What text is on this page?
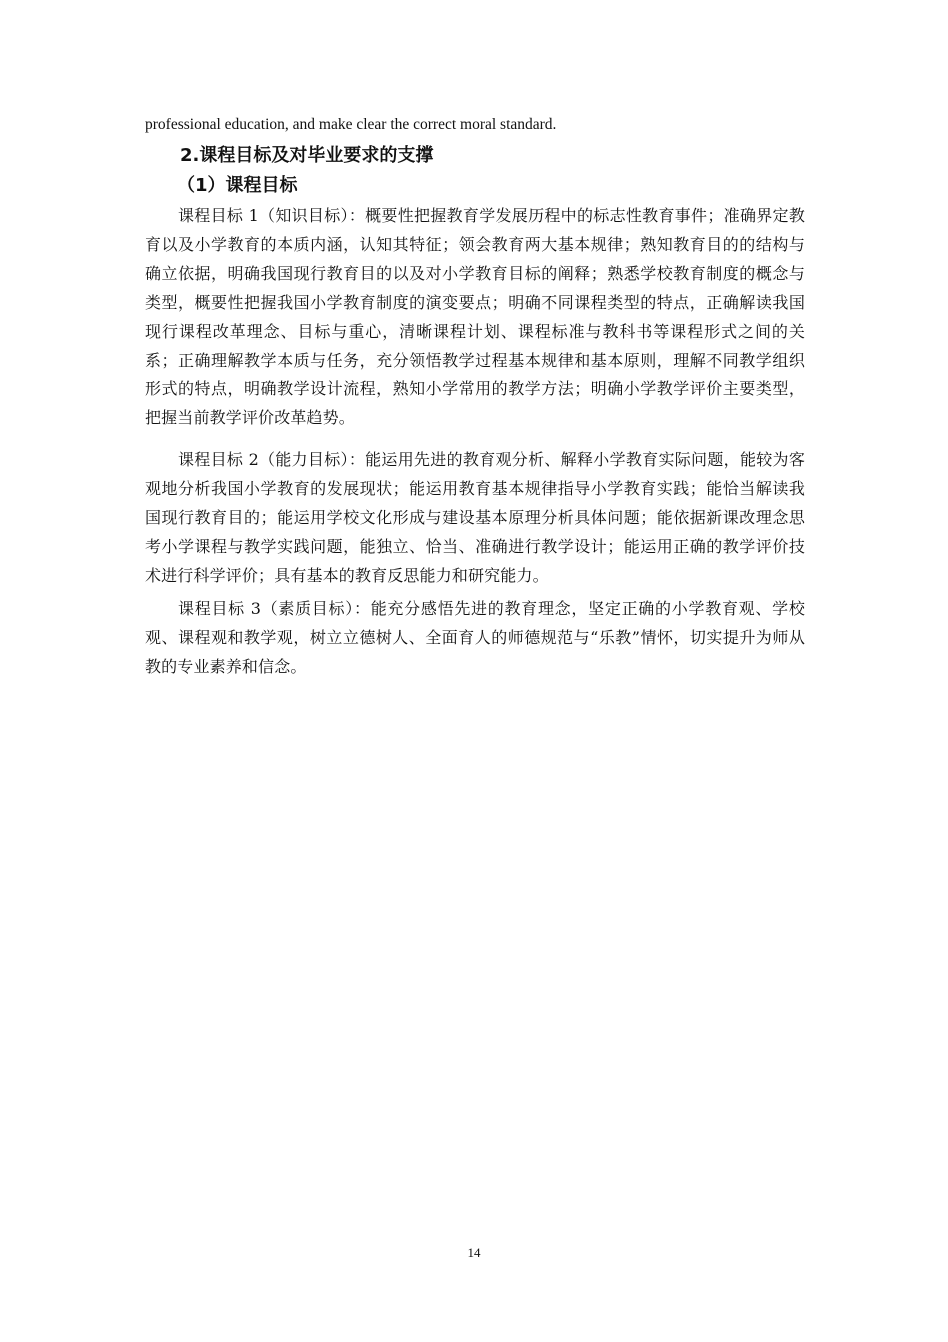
professional education, and make clear the correct moral standard.
2.课程目标及对毕业要求的支撑
（1）课程目标

课程目标 1（知识目标）：概要性把握教育学发展历程中的标志性教育事件；准确界定教育以及小学教育的本质内涵，认知其特征；领会教育两大基本规律；熟知教育目的的结构与确立依据，明确我国现行教育目的以及对小学教育目标的阐释；熟悉学校教育制度的概念与类型，概要性把握我国小学教育制度的演变要点；明确不同课程类型的特点，正确解读我国现行课程改革理念、目标与重心，清晰课程计划、课程标准与教科书等课程形式之间的关系；正确理解教学本质与任务，充分领悟教学过程基本规律和基本原则，理解不同教学组织形式的特点，明确教学设计流程，熟知小学常用的教学方法；明确小学教学评价主要类型，把握当前教学评价改革趋势。

课程目标 2（能力目标）：能运用先进的教育观分析、解释小学教育实际问题，能较为客观地分析我国小学教育的发展现状；能运用教育基本规律指导小学教育实践；能恰当解读我国现行教育目的；能运用学校文化形成与建设基本原理分析具体问题；能依据新课改理念思考小学课程与教学实践问题，能独立、恰当、准确进行教学设计；能运用正确的教学评价技术进行科学评价；具有基本的教育反思能力和研究能力。

课程目标 3（素质目标）：能充分感悟先进的教育理念，坚定正确的小学教育观、学校观、课程观和教学观，树立立德树人、全面育人的师德规范与“乐教”情怀，切实提升为师从教的专业素养和信念。

14
